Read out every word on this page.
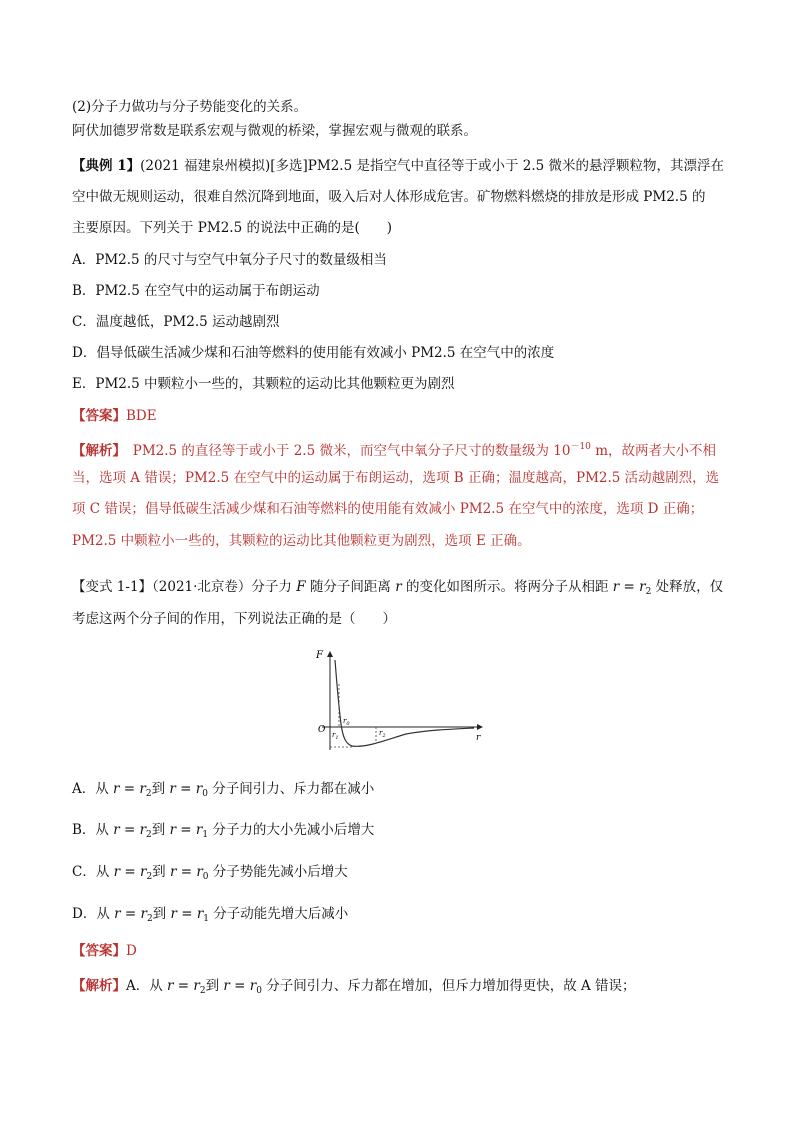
(2)分子力做功与分子势能变化的关系。
阿伏加德罗常数是联系宏观与微观的桥梁，掌握宏观与微观的联系。
【典例 1】(2021 福建泉州模拟)[多选]PM2.5 是指空气中直径等于或小于 2.5 微米的悬浮颗粒物，其漂浮在
空中做无规则运动，很难自然沉降到地面，吸入后对人体形成危害。矿物燃料燃烧的排放是形成 PM2.5 的
主要原因。下列关于 PM2.5 的说法中正确的是(　　)
A．PM2.5 的尺寸与空气中氧分子尺寸的数量级相当
B．PM2.5 在空气中的运动属于布朗运动
C．温度越低，PM2.5 运动越剧烈
D．倡导低碳生活减少煤和石油等燃料的使用能有效减小 PM2.5 在空气中的浓度
E．PM2.5 中颗粒小一些的，其颗粒的运动比其他颗粒更为剧烈
【答案】BDE
【解析】　PM2.5 的直径等于或小于 2.5 微米，而空气中氧分子尺寸的数量级为 $10^{-10}$ m，故两者大小不相
当，选项 A 错误；PM2.5 在空气中的运动属于布朗运动，选项 B 正确；温度越高，PM2.5 活动越剧烈，选
项 C 错误；倡导低碳生活减少煤和石油等燃料的使用能有效减小 PM2.5 在空气中的浓度，选项 D 正确；
PM2.5 中颗粒小一些的，其颗粒的运动比其他颗粒更为剧烈，选项 E 正确。
【变式 1-1】（2021·北京卷）分子力 F 随分子间距离 r 的变化如图所示。将两分子从相距 $r = r_2$ 处释放，仅
考虑这两个分子间的作用，下列说法正确的是（　　）
F
r
O
$r_0$
$r_1$
$r_2$
A．从 $r = r_2$到 $r = r_0$ 分子间引力、斥力都在减小
B．从 $r = r_2$到 $r = r_1$ 分子力的大小先减小后增大
C．从 $r = r_2$到 $r = r_0$ 分子势能先减小后增大
D．从 $r = r_2$到 $r = r_1$ 分子动能先增大后减小
【答案】D
【解析】A．从 $r = r_2$到 $r = r_0$ 分子间引力、斥力都在增加，但斥力增加得更快，故 A 错误；
